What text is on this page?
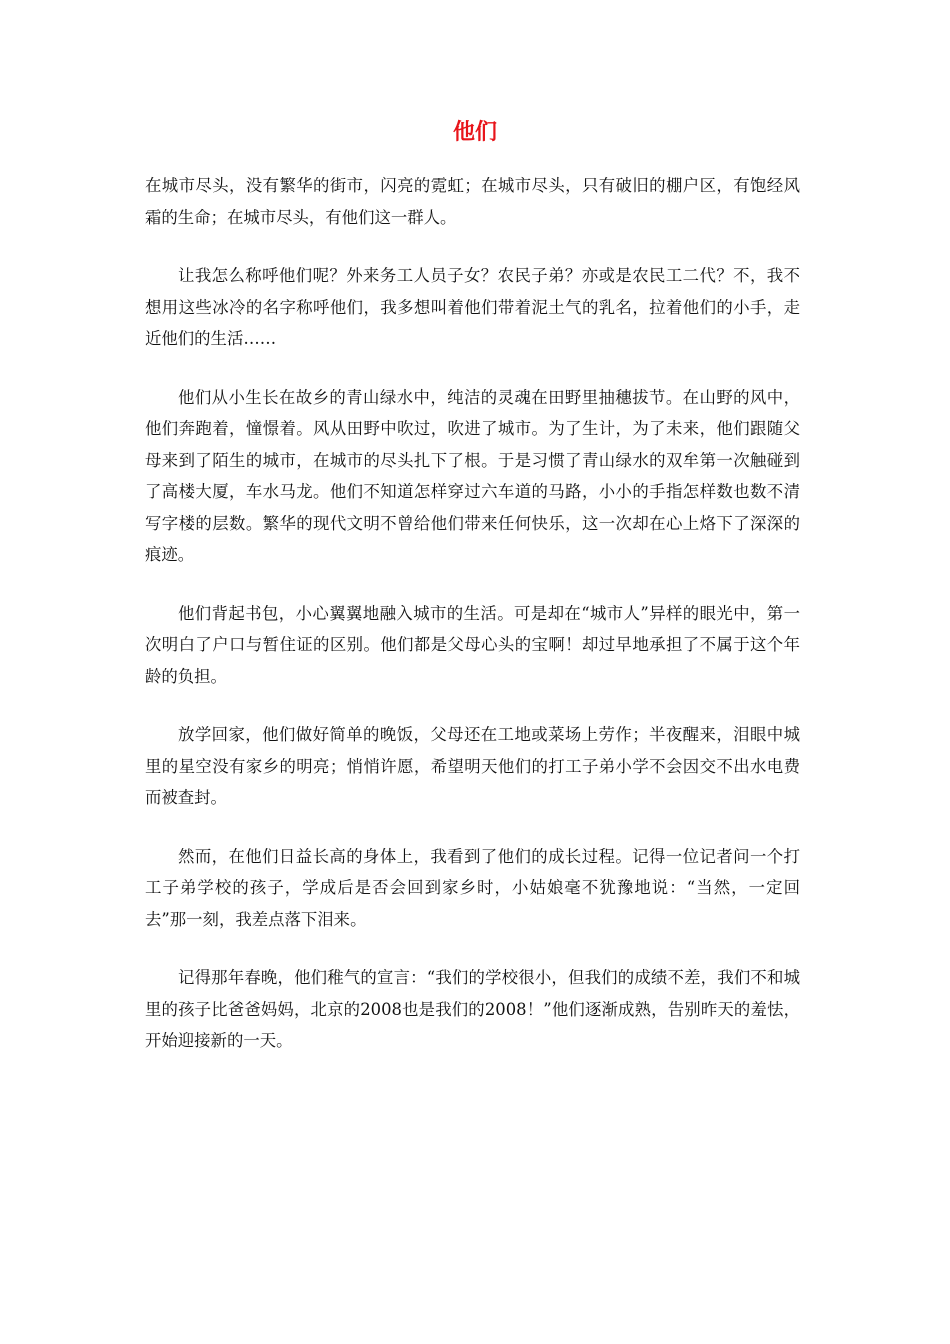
他们

在城市尽头，没有繁华的街市，闪亮的霓虹；在城市尽头，只有破旧的棚户区，有饱经风霜的生命；在城市尽头，有他们这一群人。

让我怎么称呼他们呢？外来务工人员子女？农民子弟？亦或是农民工二代？不，我不想用这些冰冷的名字称呼他们，我多想叫着他们带着泥土气的乳名，拉着他们的小手，走近他们的生活……

他们从小生长在故乡的青山绿水中，纯洁的灵魂在田野里抽穗拔节。在山野的风中，他们奔跑着，憧憬着。风从田野中吹过，吹进了城市。为了生计，为了未来，他们跟随父母来到了陌生的城市，在城市的尽头扎下了根。于是习惯了青山绿水的双牟第一次触碰到了高楼大厦，车水马龙。他们不知道怎样穿过六车道的马路，小小的手指怎样数也数不清写字楼的层数。繁华的现代文明不曾给他们带来任何快乐，这一次却在心上烙下了深深的痕迹。

他们背起书包，小心翼翼地融入城市的生活。可是却在“城市人”异样的眼光中，第一次明白了户口与暂住证的区别。他们都是父母心头的宝啊！却过早地承担了不属于这个年龄的负担。

放学回家，他们做好简单的晚饭，父母还在工地或菜场上劳作；半夜醒来，泪眼中城里的星空没有家乡的明亮；悄悄许愿，希望明天他们的打工子弟小学不会因交不出水电费而被查封。

然而，在他们日益长高的身体上，我看到了他们的成长过程。记得一位记者问一个打工子弟学校的孩子，学成后是否会回到家乡时，小姑娘毫不犹豫地说：“当然，一定回去”那一刻，我差点落下泪来。

记得那年春晚，他们稚气的宣言：“我们的学校很小，但我们的成绩不差，我们不和城里的孩子比爸爸妈妈，北京的2008也是我们的2008！”他们逐渐成熟，告别昨天的羞怯，开始迎接新的一天。
